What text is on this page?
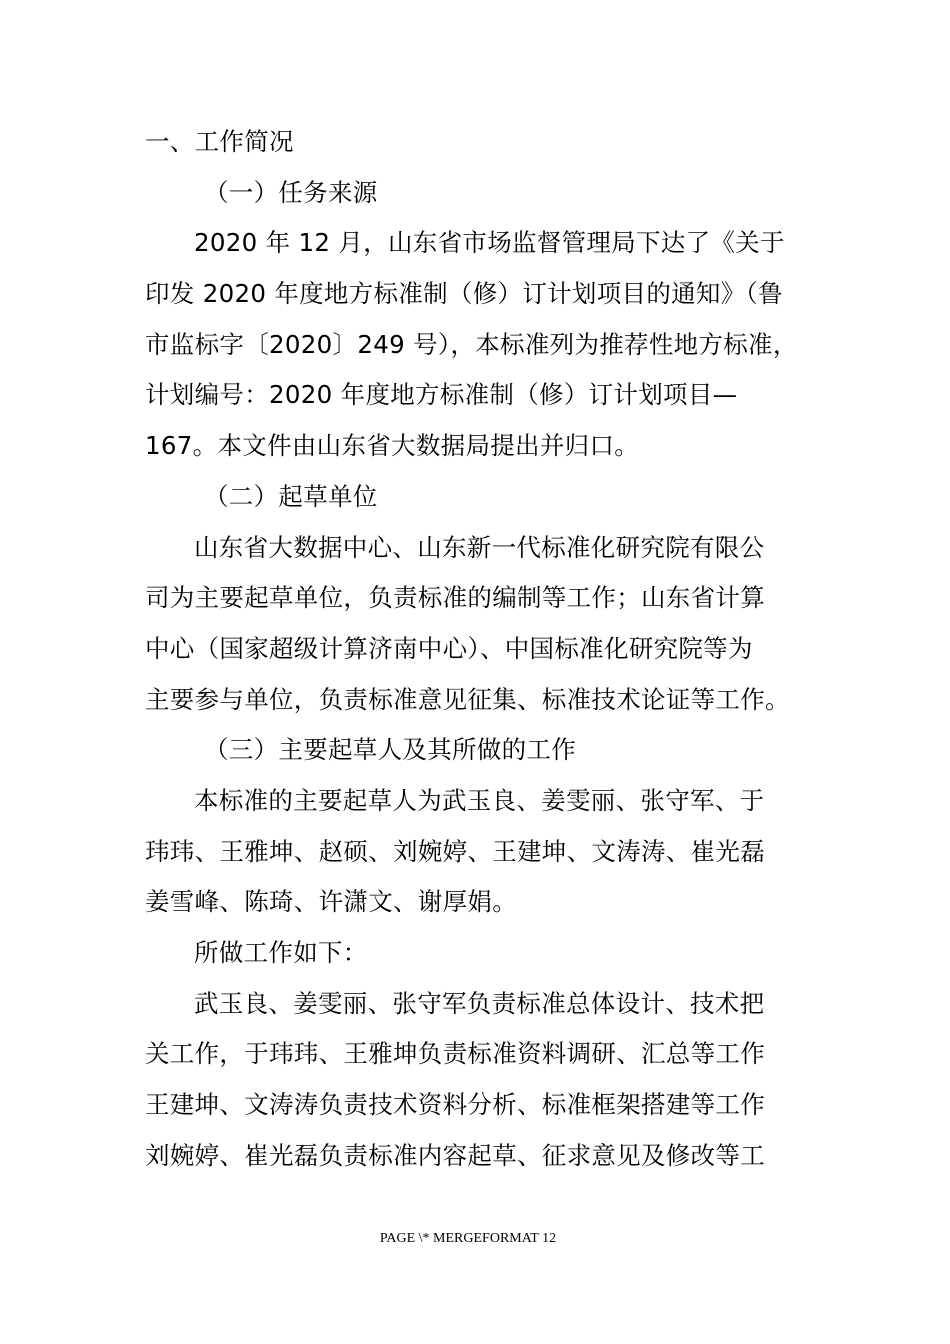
一、工作简况
（一）任务来源
2020 年 12 月，山东省市场监督管理局下达了《关于
印发 2020 年度地方标准制（修）订计划项目的通知》（鲁
市监标字〔2020〕249 号），本标准列为推荐性地方标准，
计划编号：2020 年度地方标准制（修）订计划项目—
167。本文件由山东省大数据局提出并归口。
（二）起草单位
山东省大数据中心、山东新一代标准化研究院有限公
司为主要起草单位，负责标准的编制等工作；山东省计算
中心（国家超级计算济南中心）、中国标准化研究院等为
主要参与单位，负责标准意见征集、标准技术论证等工作。
（三）主要起草人及其所做的工作
本标准的主要起草人为武玉良、姜雯丽、张守军、于
玮玮、王雅坤、赵硕、刘婉婷、王建坤、文涛涛、崔光磊
姜雪峰、陈琦、许潇文、谢厚娟。
所做工作如下：
武玉良、姜雯丽、张守军负责标准总体设计、技术把
关工作，于玮玮、王雅坤负责标准资料调研、汇总等工作
王建坤、文涛涛负责技术资料分析、标准框架搭建等工作
刘婉婷、崔光磊负责标准内容起草、征求意见及修改等工
PAGE \* MERGEFORMAT 12
